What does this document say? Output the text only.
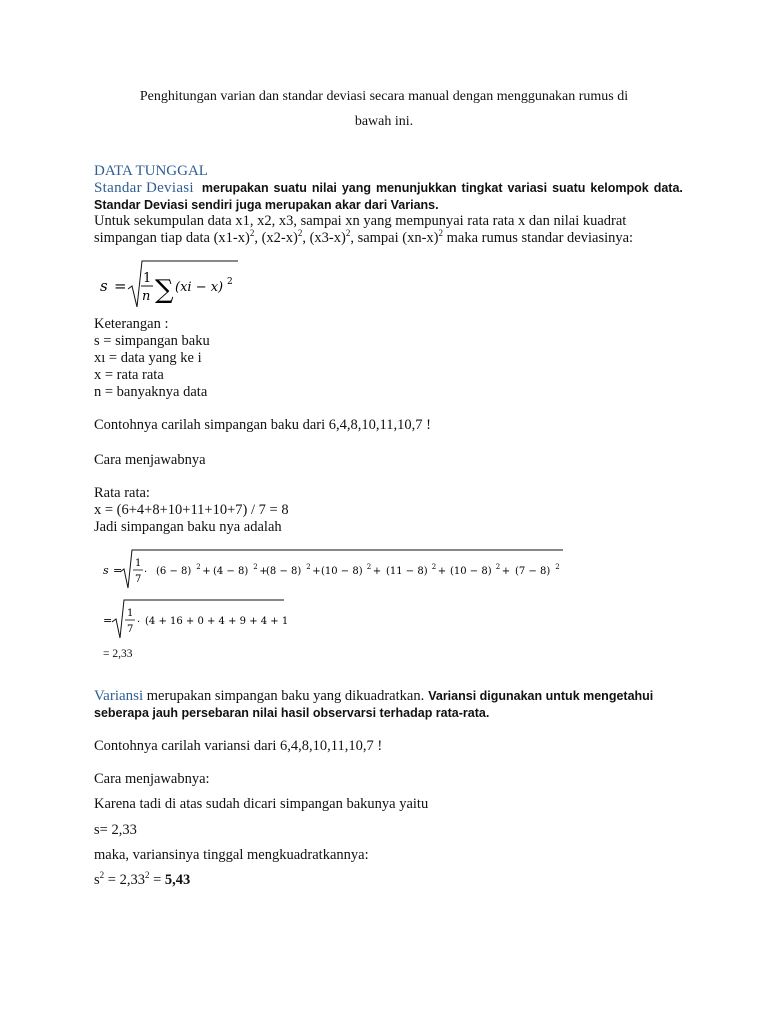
Penghitungan varian dan standar deviasi secara manual dengan menggunakan rumus di
bawah ini.
DATA TUNGGAL
Standar Deviasi merupakan suatu nilai yang menunjukkan tingkat variasi suatu kelompok data.
Standar Deviasi sendiri juga merupakan akar dari Varians.
Untuk sekumpulan data x1, x2, x3, sampai xn yang mempunyai rata rata x dan nilai kuadrat
simpangan tiap data $(x1-x)^2$, $(x2-x)^2$, $(x3-x)^2$, sampai $(xn-x)^2$ maka rumus standar deviasinya:
s = 1
n ∑ (xi − x) 2
Keterangan :
s = simpangan baku
xı = data yang ke i
x = rata rata
n = banyaknya data
Contohnya carilah simpangan baku dari 6,4,8,10,11,10,7 !
Cara menjawabnya
Rata rata:
x = (6+4+8+10+11+10+7) / 7 = 8
Jadi simpangan baku nya adalah
s =
1
7
· (6 − 8) 2 + (4 − 8) 2 +
(8 − 8) 2 + (10 − 8) 2 + (11 − 8) 2 + (10 − 8) 2 + (7 − 8) 2
=
1
7
· (4 + 16 + 0 + 4 + 9 + 4 + 1
= 2,33
Variansi merupakan simpangan baku yang dikuadratkan. Variansi digunakan untuk mengetahui
seberapa jauh persebaran nilai hasil observarsi terhadap rata-rata.
Contohnya carilah variansi dari 6,4,8,10,11,10,7 !
Cara menjawabnya:
Karena tadi di atas sudah dicari simpangan bakunya yaitu
s= 2,33
maka, variansinya tinggal mengkuadratkannya:
$s^2 = 2,33^2 = 5,43$
